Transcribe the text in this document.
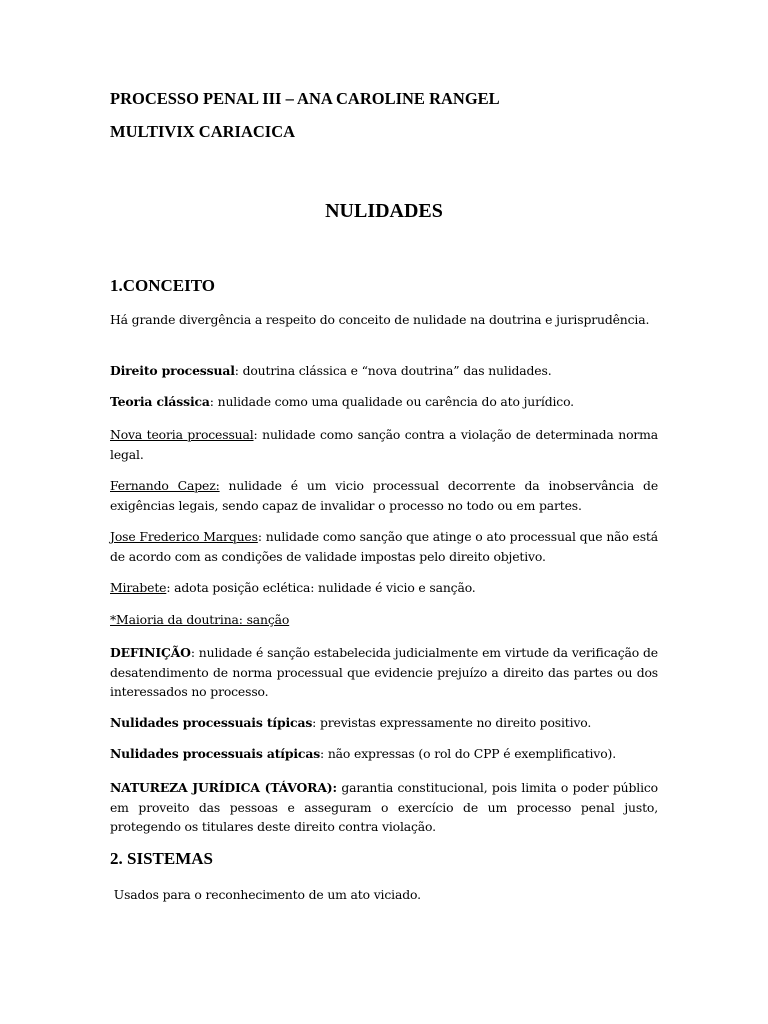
PROCESSO PENAL III – ANA CAROLINE RANGEL
MULTIVIX CARIACICA
NULIDADES
1.CONCEITO
Há grande divergência a respeito do conceito de nulidade na doutrina e jurisprudência.
Direito processual: doutrina clássica e “nova doutrina” das nulidades.
Teoria clássica: nulidade como uma qualidade ou carência do ato jurídico.
Nova teoria processual: nulidade como sanção contra a violação de determinada norma legal.
Fernando Capez: nulidade é um vicio processual decorrente da inobservância de exigências legais, sendo capaz de invalidar o processo no todo ou em partes.
Jose Frederico Marques: nulidade como sanção que atinge o ato processual que não está de acordo com as condições de validade impostas pelo direito objetivo.
Mirabete: adota posição eclética: nulidade é vicio e sanção.
*Maioria da doutrina: sanção
DEFINIÇÃO: nulidade é sanção estabelecida judicialmente em virtude da verificação de desatendimento de norma processual que evidencie prejuízo a direito das partes ou dos interessados no processo.
Nulidades processuais típicas: previstas expressamente no direito positivo.
Nulidades processuais atípicas: não expressas (o rol do CPP é exemplificativo).
NATUREZA JURÍDICA (TÁVORA): garantia constitucional, pois limita o poder público em proveito das pessoas e asseguram o exercício de um processo penal justo, protegendo os titulares deste direito contra violação.
2. SISTEMAS
Usados para o reconhecimento de um ato viciado.
